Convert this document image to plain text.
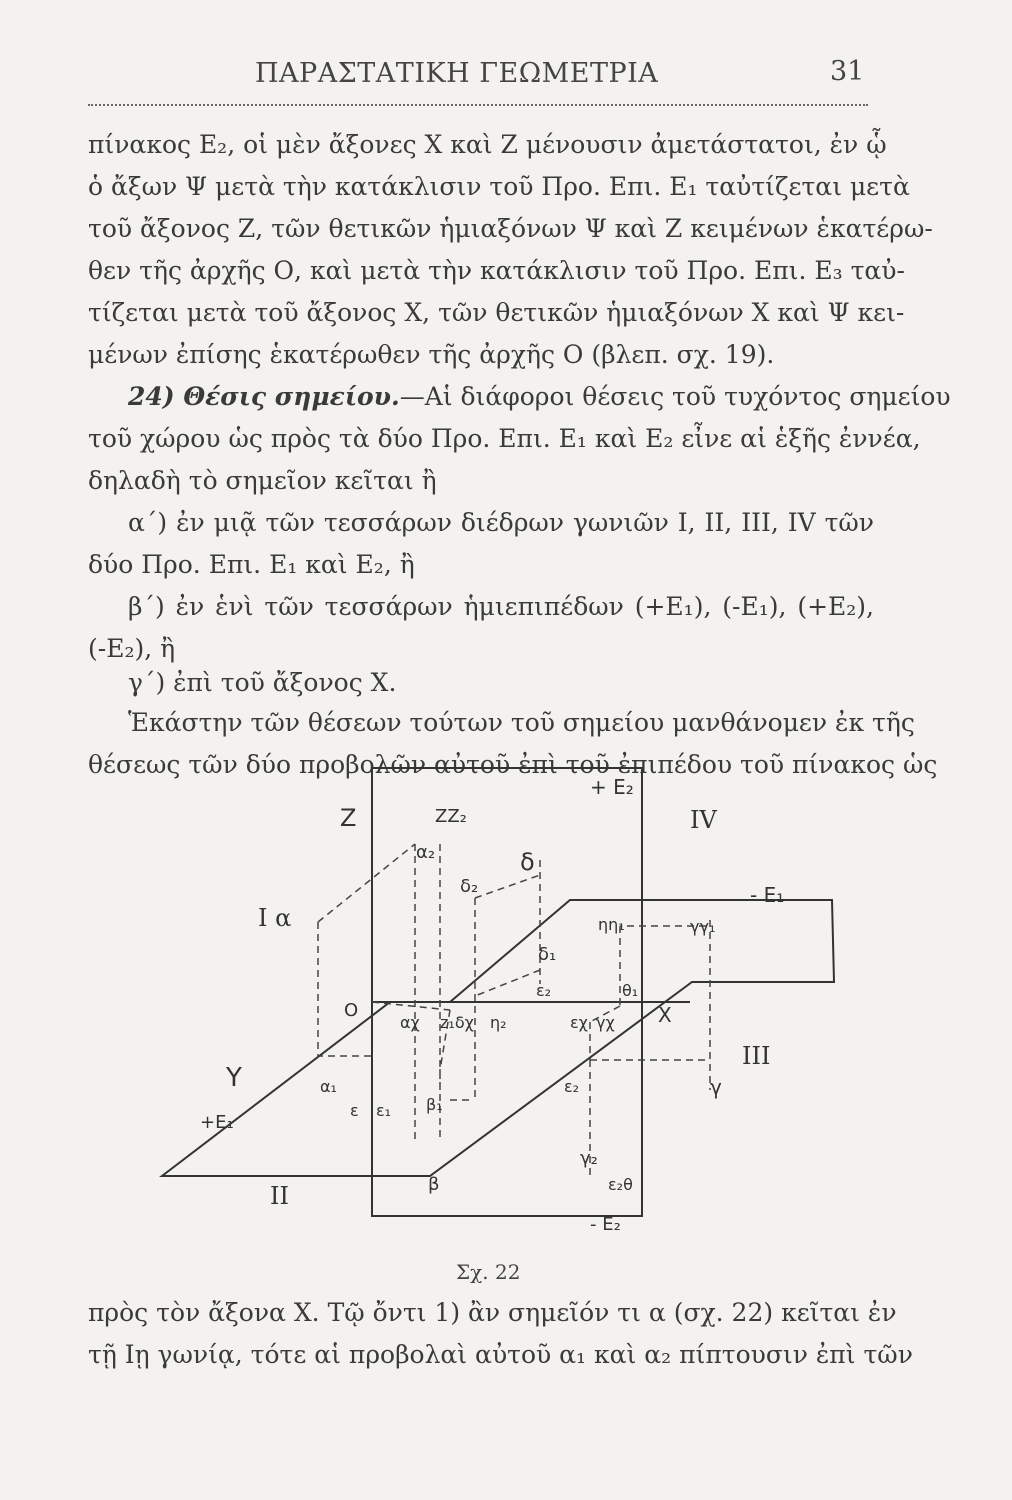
ΠΑΡΑΣΤΑΤΙΚΗ ΓΕΩΜΕΤΡΙΑ	31
πίνακος Ε₂, οἱ μὲν ἄξονες Χ καὶ Ζ μένουσιν ἀμετάστατοι, ἐν ᾧ
ὁ ἄξων Ψ μετὰ τὴν κατάκλισιν τοῦ Προ. Επι. Ε₁ ταὐτίζεται μετὰ
τοῦ ἄξονος Ζ, τῶν θετικῶν ἡμιαξόνων Ψ καὶ Ζ κειμένων ἑκατέρω-
θεν τῆς ἀρχῆς Ο, καὶ μετὰ τὴν κατάκλισιν τοῦ Προ. Επι. Ε₃ ταὐ-
τίζεται μετὰ τοῦ ἄξονος Χ, τῶν θετικῶν ἡμιαξόνων Χ καὶ Ψ κει-
μένων ἐπίσης ἑκατέρωθεν τῆς ἀρχῆς Ο (βλεπ. σχ. 19).
24) Θέσις σημείου.—Αἱ διάφοροι θέσεις τοῦ τυχόντος σημείου
τοῦ χώρου ὡς πρὸς τὰ δύο Προ. Επι. Ε₁ καὶ Ε₂ εἶνε αἱ ἑξῆς ἐννέα,
δηλαδὴ τὸ σημεῖον κεῖται ἢ
α΄) ἐν μιᾷ τῶν τεσσάρων διέδρων γωνιῶν Ι, ΙΙ, ΙΙΙ, ΙV τῶν
δύο Προ. Επι. Ε₁ καὶ Ε₂, ἢ
β΄) ἐν ἑνὶ τῶν τεσσάρων ἡμιεπιπέδων (+Ε₁), (-Ε₁), (+Ε₂),
(-Ε₂), ἢ
γ΄) ἐπὶ τοῦ ἄξονος Χ.
Ἑκάστην τῶν θέσεων τούτων τοῦ σημείου μανθάνομεν ἐκ τῆς
θέσεως τῶν δύο προβολῶν αὐτοῦ ἐπὶ τοῦ ἐπιπέδου τοῦ πίνακος ὡς
Z	ZZ₂
+ E₂
IV
α₂	δ
δ₂
I α
- E₁
ηη₁	γγ₁
δ₁
ε₂	θ₁
O
αχ z₁δχ η₂	εχ γχ X
III
Y	α₁
ε ε₁ β₁
ε₂	γ
+E₁
γ₂
β	ε₂θ
II
- E₂
Σχ. 22
πρὸς τὸν ἄξονα Χ. Τῷ ὄντι 1) ἂν σημεῖόν τι α (σχ. 22) κεῖται ἐν
τῇ Ιῃ γωνίᾳ, τότε αἱ προβολαὶ αὐτοῦ α₁ καὶ α₂ πίπτουσιν ἐπὶ τῶν
